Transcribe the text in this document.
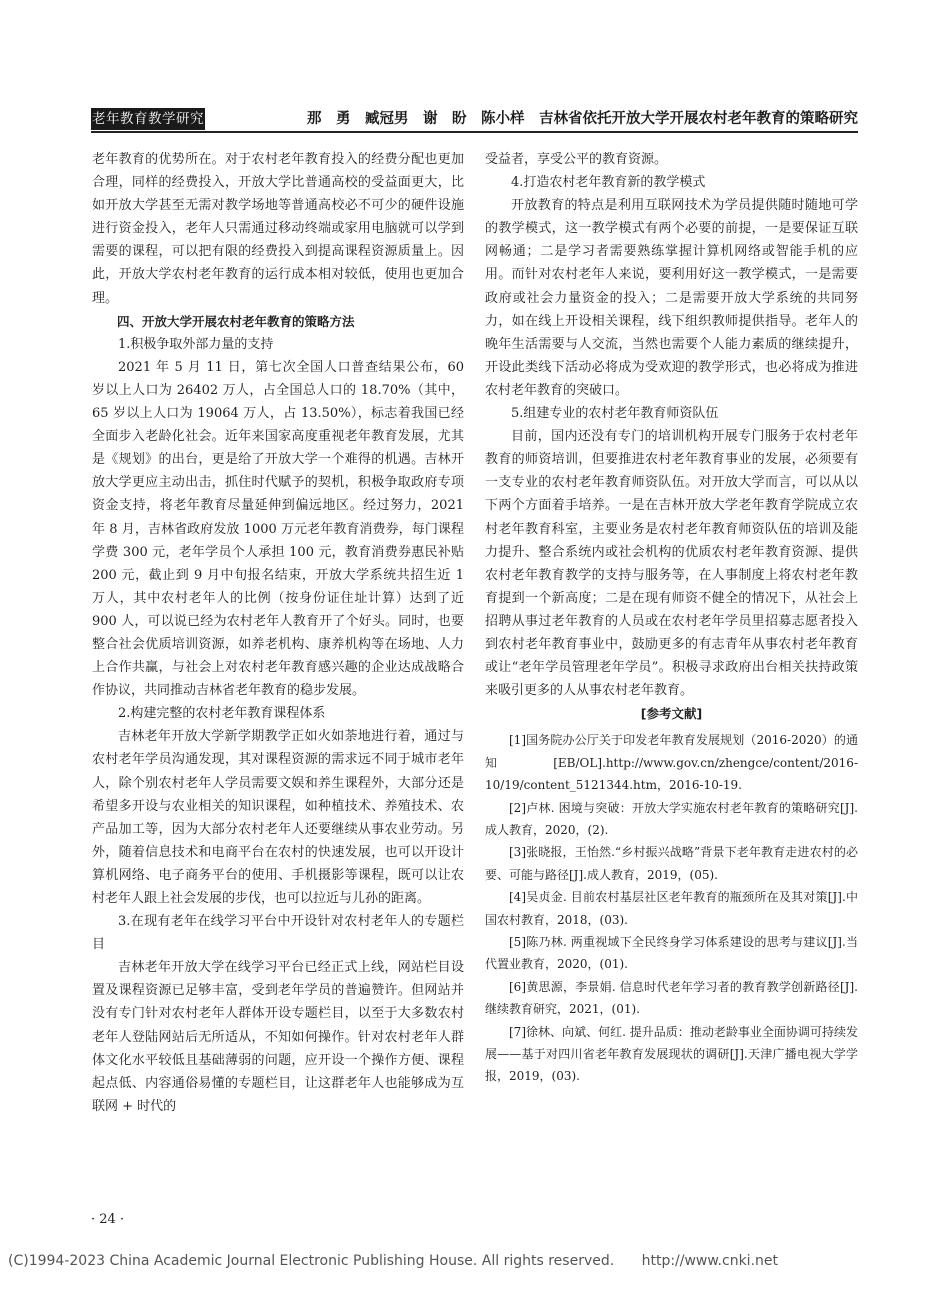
老年教育教学研究	那　勇　臧冠男　谢　盼　陈小样　吉林省依托开放大学开展农村老年教育的策略研究

老年教育的优势所在。对于农村老年教育投入的经费分配也更加合理，同样的经费投入，开放大学比普通高校的受益面更大，比如开放大学甚至无需对教学场地等普通高校必不可少的硬件设施进行资金投入，老年人只需通过移动终端或家用电脑就可以学到需要的课程，可以把有限的经费投入到提高课程资源质量上。因此，开放大学农村老年教育的运行成本相对较低，使用也更加合理。

四、开放大学开展农村老年教育的策略方法

1.积极争取外部力量的支持

2021 年 5 月 11 日，第七次全国人口普查结果公布，60 岁以上人口为 26402 万人，占全国总人口的 18.70%（其中，65 岁以上人口为 19064 万人，占 13.50%），标志着我国已经全面步入老龄化社会。近年来国家高度重视老年教育发展，尤其是《规划》的出台，更是给了开放大学一个难得的机遇。吉林开放大学更应主动出击，抓住时代赋予的契机，积极争取政府专项资金支持，将老年教育尽量延伸到偏远地区。经过努力，2021 年 8 月，吉林省政府发放 1000 万元老年教育消费券，每门课程学费 300 元，老年学员个人承担 100 元，教育消费券惠民补贴 200 元，截止到 9 月中旬报名结束，开放大学系统共招生近 1 万人，其中农村老年人的比例（按身份证住址计算）达到了近 900 人，可以说已经为农村老年人教育开了个好头。同时，也要整合社会优质培训资源，如养老机构、康养机构等在场地、人力上合作共赢，与社会上对农村老年教育感兴趣的企业达成战略合作协议，共同推动吉林省老年教育的稳步发展。

2.构建完整的农村老年教育课程体系

吉林老年开放大学新学期教学正如火如荼地进行着，通过与农村老年学员沟通发现，其对课程资源的需求远不同于城市老年人，除个别农村老年人学员需要文娱和养生课程外，大部分还是希望多开设与农业相关的知识课程，如种植技术、养殖技术、农产品加工等，因为大部分农村老年人还要继续从事农业劳动。另外，随着信息技术和电商平台在农村的快速发展，也可以开设计算机网络、电子商务平台的使用、手机摄影等课程，既可以让农村老年人跟上社会发展的步伐，也可以拉近与儿孙的距离。

3.在现有老年在线学习平台中开设针对农村老年人的专题栏目

吉林老年开放大学在线学习平台已经正式上线，网站栏目设置及课程资源已足够丰富，受到老年学员的普遍赞许。但网站并没有专门针对农村老年人群体开设专题栏目，以至于大多数农村老年人登陆网站后无所适从，不知如何操作。针对农村老年人群体文化水平较低且基础薄弱的问题，应开设一个操作方便、课程起点低、内容通俗易懂的专题栏目，让这群老年人也能够成为互联网 + 时代的

受益者，享受公平的教育资源。

4.打造农村老年教育新的教学模式

开放教育的特点是利用互联网技术为学员提供随时随地可学的教学模式，这一教学模式有两个必要的前提，一是要保证互联网畅通；二是学习者需要熟练掌握计算机网络或智能手机的应用。而针对农村老年人来说，要利用好这一教学模式，一是需要政府或社会力量资金的投入；二是需要开放大学系统的共同努力，如在线上开设相关课程，线下组织教师提供指导。老年人的晚年生活需要与人交流，当然也需要个人能力素质的继续提升，开设此类线下活动必将成为受欢迎的教学形式，也必将成为推进农村老年教育的突破口。

5.组建专业的农村老年教育师资队伍

目前，国内还没有专门的培训机构开展专门服务于农村老年教育的师资培训，但要推进农村老年教育事业的发展，必须要有一支专业的农村老年教育师资队伍。对开放大学而言，可以从以下两个方面着手培养。一是在吉林开放大学老年教育学院成立农村老年教育科室，主要业务是农村老年教育师资队伍的培训及能力提升、整合系统内或社会机构的优质农村老年教育资源、提供农村老年教育教学的支持与服务等，在人事制度上将农村老年教育提到一个新高度；二是在现有师资不健全的情况下，从社会上招聘从事过老年教育的人员或在农村老年学员里招募志愿者投入到农村老年教育事业中，鼓励更多的有志青年从事农村老年教育或让“老年学员管理老年学员”。积极寻求政府出台相关扶持政策来吸引更多的人从事农村老年教育。

[参考文献]

[1]国务院办公厅关于印发老年教育发展规划（2016-2020）的通知[EB/OL].http://www.gov.cn/zhengce/content/2016-10/19/content_5121344.htm，2016-10-19.

[2]卢林. 困境与突破：开放大学实施农村老年教育的策略研究[J].成人教育，2020，(2).

[3]张晓报，王怡然.“乡村振兴战略”背景下老年教育走进农村的必要、可能与路径[J].成人教育，2019，(05).

[4]吴贞金. 目前农村基层社区老年教育的瓶颈所在及其对策[J].中国农村教育，2018，(03).

[5]陈乃林. 两重视域下全民终身学习体系建设的思考与建议[J].当代置业教育，2020，(01).

[6]黄思源，李景娟. 信息时代老年学习者的教育教学创新路径[J].继续教育研究，2021，(01).

[7]徐林、向斌、何红. 提升品质：推动老龄事业全面协调可持续发展——基于对四川省老年教育发展现状的调研[J].天津广播电视大学学报，2019，(03).

· 24 ·
(C)1994-2023 China Academic Journal Electronic Publishing House. All rights reserved. http://www.cnki.net
